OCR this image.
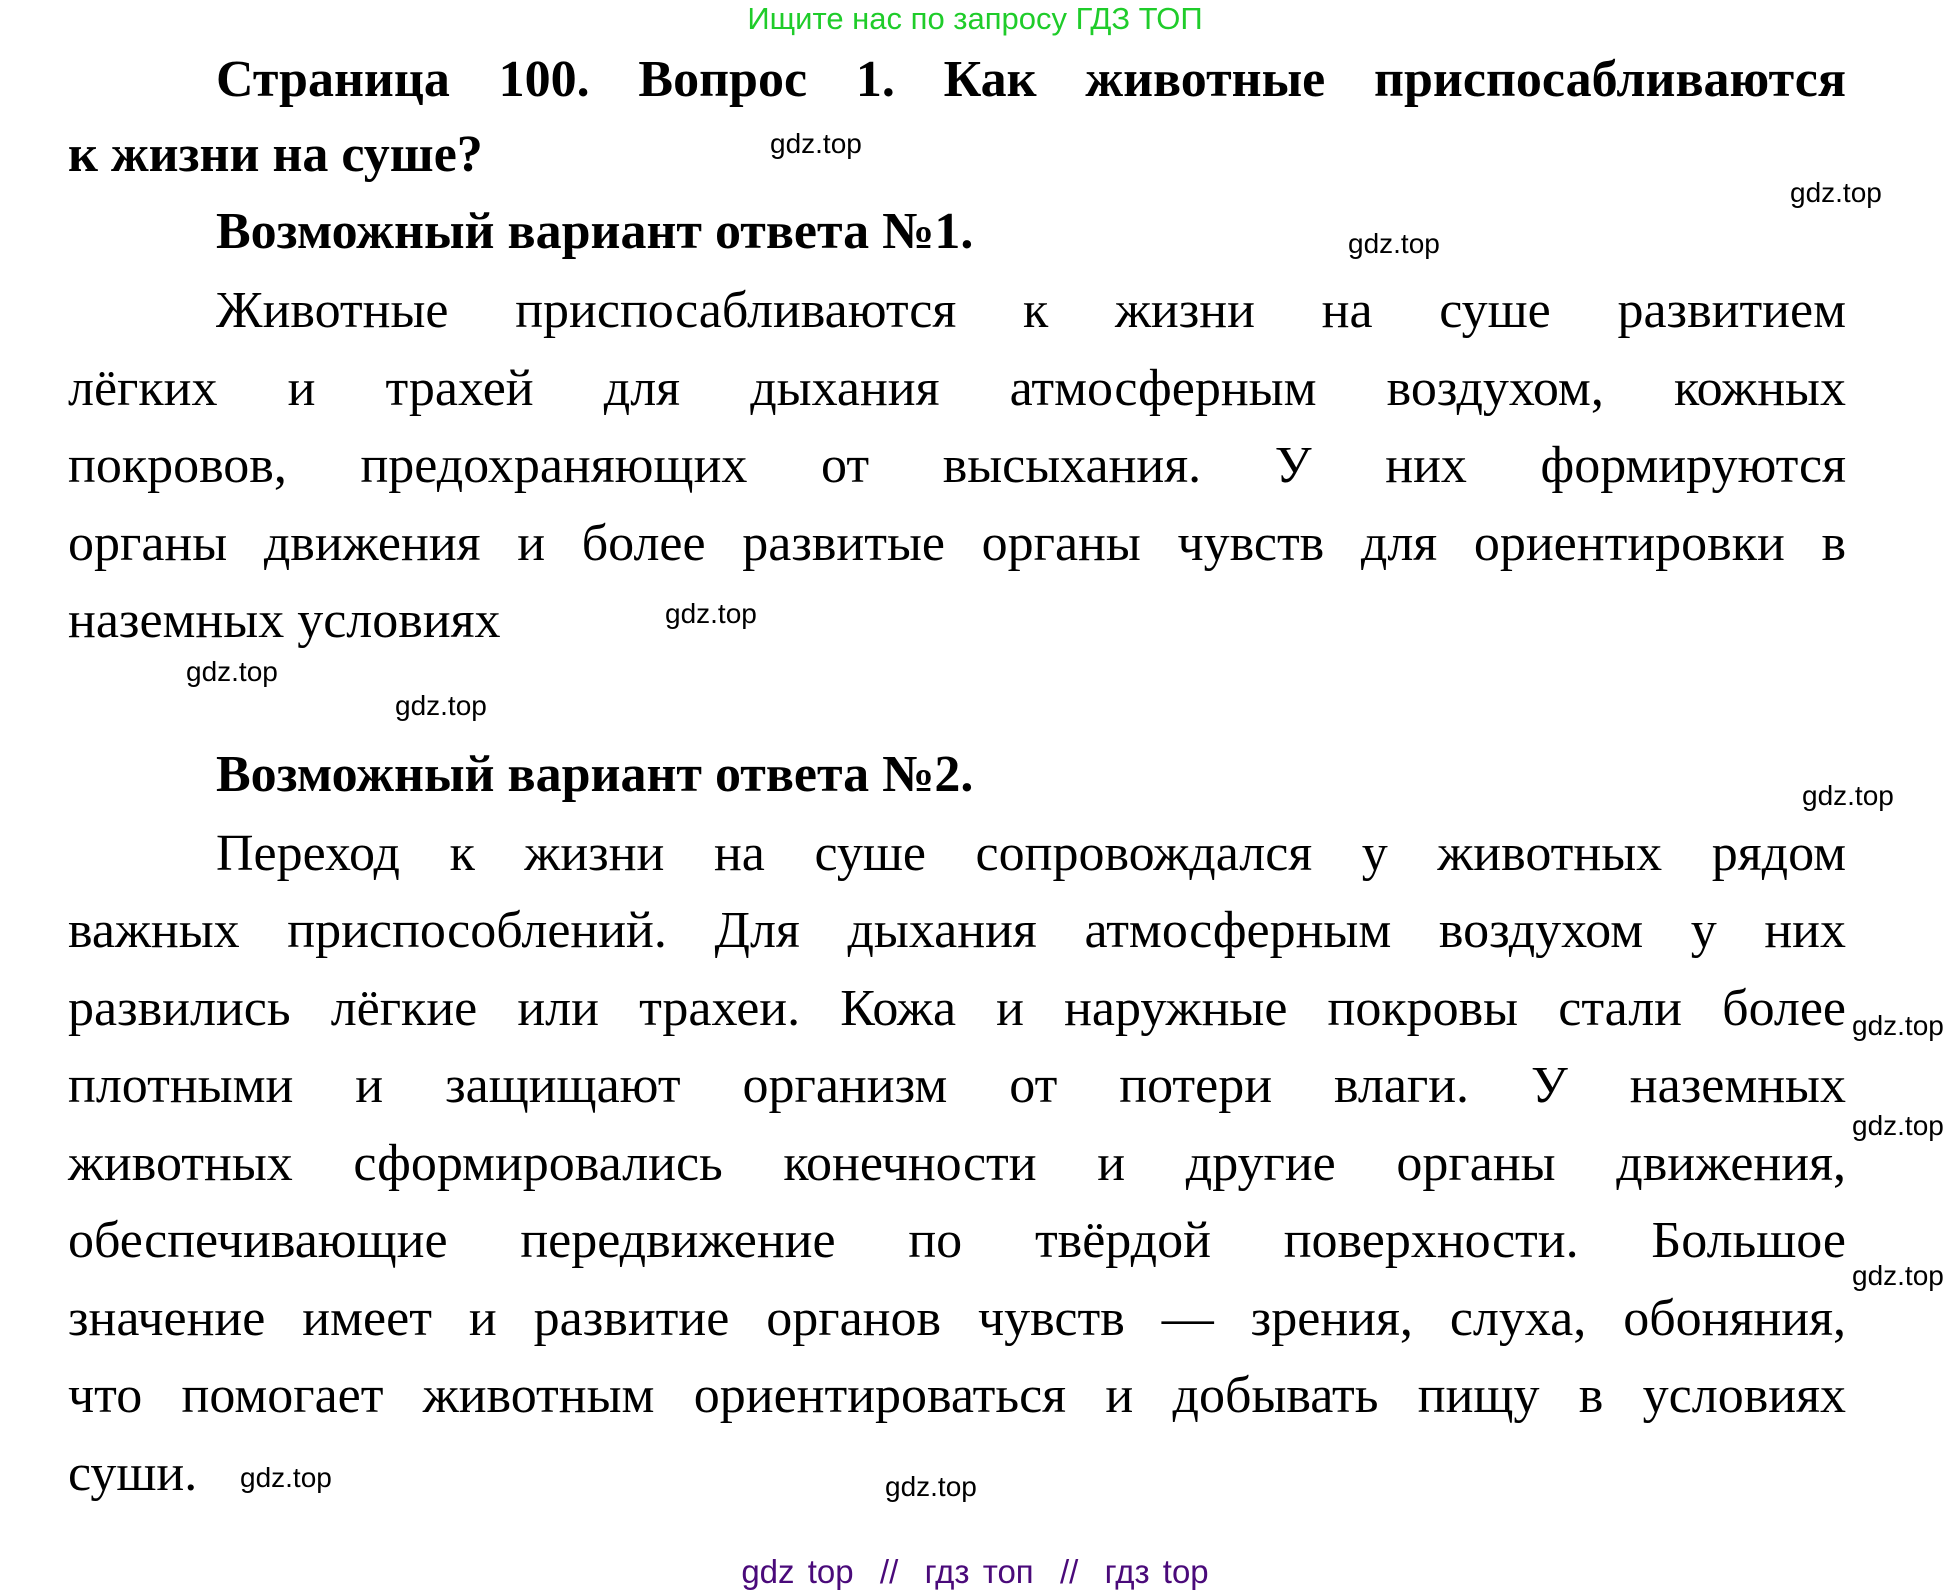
Ищите нас по запросу ГДЗ ТОП
Страница 100. Вопрос 1. Как животные приспосабливаются
к жизни на суше?
Возможный вариант ответа №1.
Животные приспосабливаются к жизни на суше развитием
лёгких и трахей для дыхания атмосферным воздухом, кожных
покровов, предохраняющих от высыхания. У них формируются
органы движения и более развитые органы чувств для ориентировки в
наземных условиях
Возможный вариант ответа №2.
Переход к жизни на суше сопровождался у животных рядом
важных приспособлений. Для дыхания атмосферным воздухом у них
развились лёгкие или трахеи. Кожа и наружные покровы стали более
плотными и защищают организм от потери влаги. У наземных
животных сформировались конечности и другие органы движения,
обеспечивающие передвижение по твёрдой поверхности. Большое
значение имеет и развитие органов чувств — зрения, слуха, обоняния,
что помогает животным ориентироваться и добывать пищу в условиях
суши.
gdz.top
gdz.top
gdz.top
gdz.top
gdz.top
gdz.top
gdz.top
gdz.top
gdz.top
gdz.top
gdz.top	gdz.top
gdz top  //  гдз топ  //  гдз top
